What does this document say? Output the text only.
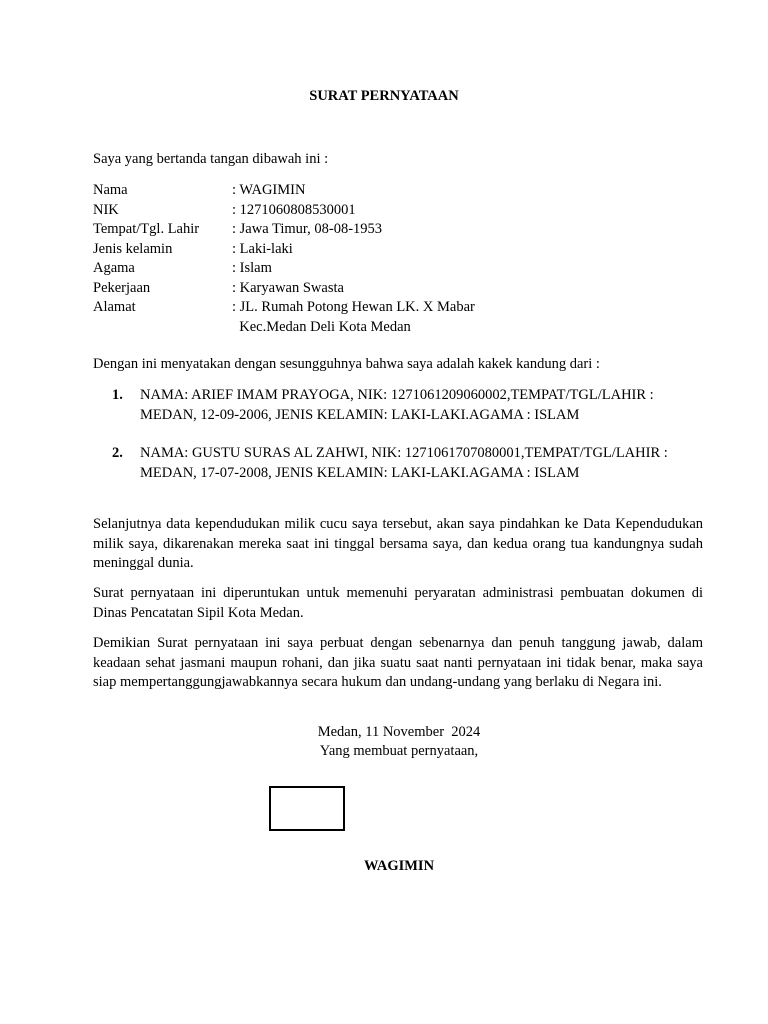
SURAT PERNYATAAN
Saya yang bertanda tangan dibawah ini :
Nama	: WAGIMIN
NIK	: 1271060808530001
Tempat/Tgl. Lahir	: Jawa Timur, 08-08-1953
Jenis kelamin	: Laki-laki
Agama	: Islam
Pekerjaan	: Karyawan Swasta
Alamat	: JL. Rumah Potong Hewan LK. X Mabar
Kec.Medan Deli Kota Medan
Dengan ini menyatakan dengan sesungguhnya bahwa saya adalah kakek kandung dari :
1.	NAMA: ARIEF IMAM PRAYOGA, NIK: 1271061209060002,TEMPAT/TGL/LAHIR : MEDAN, 12-09-2006, JENIS KELAMIN: LAKI-LAKI.AGAMA : ISLAM
2.	NAMA: GUSTU SURAS AL ZAHWI, NIK: 1271061707080001,TEMPAT/TGL/LAHIR : MEDAN, 17-07-2008, JENIS KELAMIN: LAKI-LAKI.AGAMA : ISLAM
Selanjutnya data kependudukan milik cucu saya tersebut, akan saya pindahkan ke Data Kependudukan milik saya, dikarenakan mereka saat ini tinggal bersama saya, dan kedua orang tua kandungnya sudah meninggal dunia.
Surat pernyataan ini diperuntukan untuk memenuhi peryaratan administrasi pembuatan dokumen di Dinas Pencatatan Sipil Kota Medan.
Demikian Surat pernyataan ini saya perbuat dengan sebenarnya dan penuh tanggung jawab, dalam keadaan sehat jasmani maupun rohani, dan jika suatu saat nanti pernyataan ini tidak benar, maka saya siap mempertanggungjawabkannya secara hukum dan undang-undang yang berlaku di Negara ini.
Medan, 11 November  2024
Yang membuat pernyataan,
WAGIMIN
